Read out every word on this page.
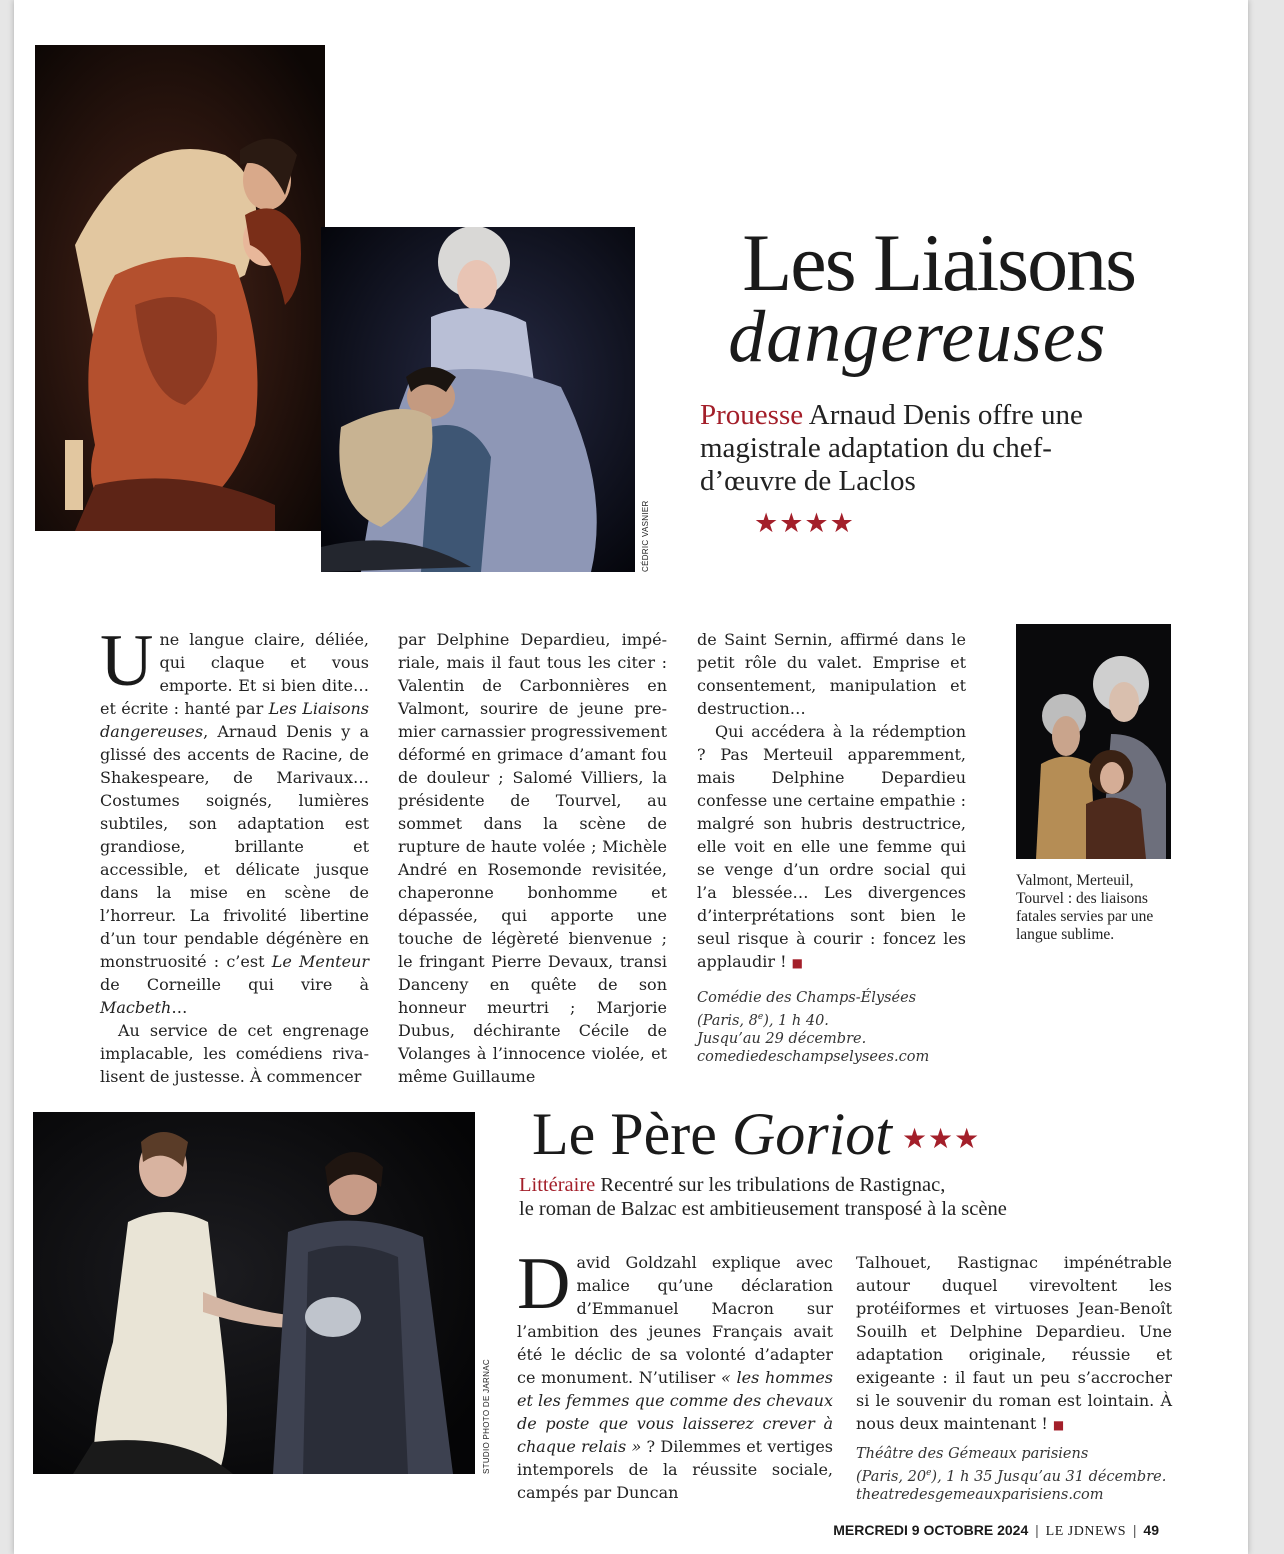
CÉDRIC VASNIER
Les Liaisons
dangereuses
Prouesse Arnaud Denis offre une magistrale adaptation du chef-d’œuvre de Laclos
★★★★

Une langue claire, déliée, qui claque et vous emporte. Et si bien dite… et écrite : hanté par Les Liaisons dangereuses, Arnaud Denis y a glissé des accents de Racine, de Shakespeare, de Marivaux… Costumes soignés, lumières subtiles, son adaptation est grandiose, brillante et accessible, et délicate jusque dans la mise en scène de l’horreur. La frivolité libertine d’un tour pendable dégénère en monstruosité : c’est Le Menteur de Corneille qui vire à Macbeth…

Au service de cet engrenage implacable, les comédiens rivalisent de justesse. À commencer

par Delphine Depardieu, impériale, mais il faut tous les citer : Valentin de Carbonnières en Valmont, sourire de jeune premier carnassier progressivement déformé en grimace d’amant fou de douleur ; Salomé Villiers, la présidente de Tourvel, au sommet dans la scène de rupture de haute volée ; Michèle André en Rosemonde revisitée, chaperonne bonhomme et dépassée, qui apporte une touche de légèreté bienvenue ; le fringant Pierre Devaux, transi Danceny en quête de son honneur meurtri ; Marjorie Dubus, déchirante Cécile de Volanges à l’innocence violée, et même Guillaume

de Saint Sernin, affirmé dans le petit rôle du valet. Emprise et consentement, manipulation et destruction…

Qui accédera à la rédemption ? Pas Merteuil apparemment, mais Delphine Depardieu confesse une certaine empathie : malgré son hubris destructrice, elle voit en elle une femme qui se venge d’un ordre social qui l’a blessée… Les divergences d’interprétations sont bien le seul risque à courir : foncez les applaudir ! ■

Comédie des Champs-Élysées
(Paris, 8e), 1 h 40.
Jusqu’au 29 décembre.
comediedeschampselysees.com

Valmont, Merteuil, Tourvel : des liaisons fatales servies par une langue sublime.
STUDIO PHOTO DE JARNAC
Le Père Goriot ★★★
Littéraire Recentré sur les tribulations de Rastignac,
le roman de Balzac est ambitieusement transposé à la scène

David Goldzahl explique avec malice qu’une déclaration d’Emmanuel Macron sur l’ambition des jeunes Français avait été le déclic de sa volonté d’adapter ce monument. N’utiliser « les hommes et les femmes que comme des chevaux de poste que vous laisserez crever à chaque relais » ? Dilemmes et vertiges intemporels de la réussite sociale, campés par Duncan

Talhouet, Rastignac impénétrable autour duquel virevoltent les protéiformes et virtuoses Jean-Benoît Souilh et Delphine Depardieu. Une adaptation originale, réussie et exigeante : il faut un peu s’accrocher si le souvenir du roman est lointain. À nous deux maintenant ! ■

Théâtre des Gémeaux parisiens
(Paris, 20e), 1 h 35 Jusqu’au 31 décembre.
theatredesgemeauxparisiens.com

MERCREDI 9 OCTOBRE 2024 | LE JDNEWS | 49
